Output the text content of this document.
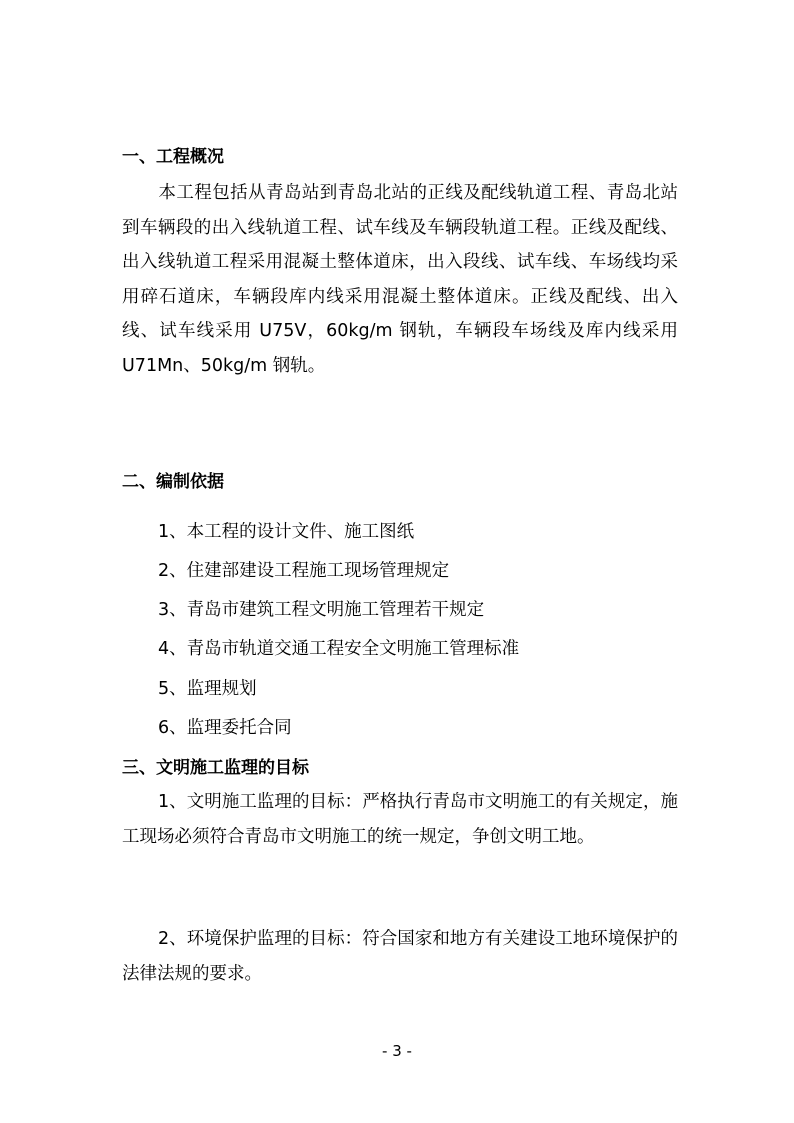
一、工程概况

本工程包括从青岛站到青岛北站的正线及配线轨道工程、青岛北站到车辆段的出入线轨道工程、试车线及车辆段轨道工程。正线及配线、出入线轨道工程采用混凝土整体道床，出入段线、试车线、车场线均采用碎石道床，车辆段库内线采用混凝土整体道床。正线及配线、出入线、试车线采用 U75V，60kg/m 钢轨，车辆段车场线及库内线采用 U71Mn、50kg/m 钢轨。

二、编制依据
1、本工程的设计文件、施工图纸
2、住建部建设工程施工现场管理规定
3、青岛市建筑工程文明施工管理若干规定
4、青岛市轨道交通工程安全文明施工管理标准
5、监理规划
6、监理委托合同
三、文明施工监理的目标

1、文明施工监理的目标：严格执行青岛市文明施工的有关规定，施工现场必须符合青岛市文明施工的统一规定，争创文明工地。

2、环境保护监理的目标：符合国家和地方有关建设工地环境保护的法律法规的要求。

- 3 -
